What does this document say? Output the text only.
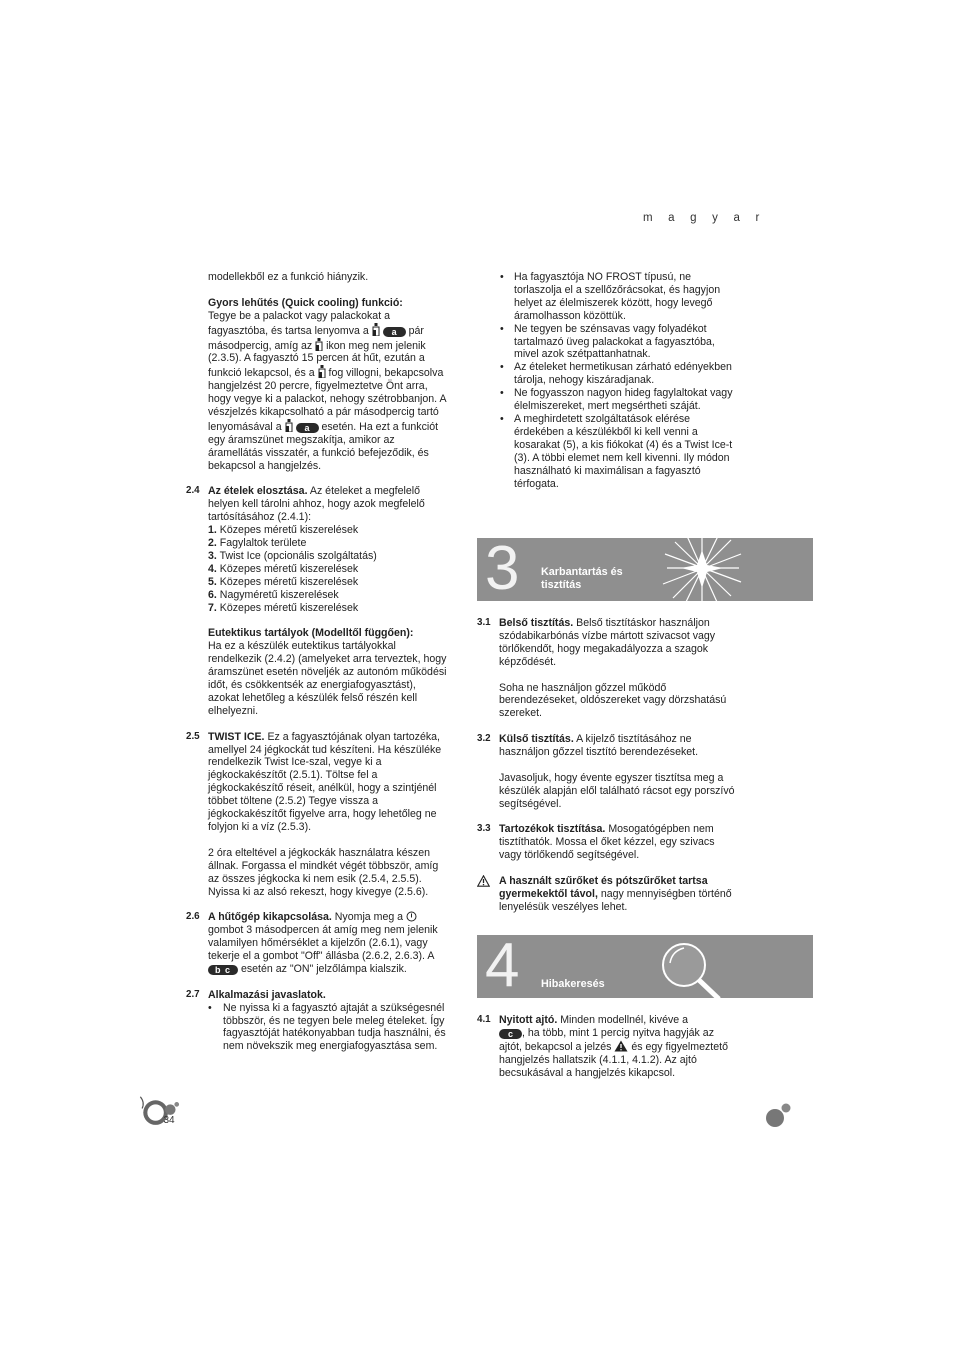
m a g y a r

modellekből ez a funkció hiányzik.

Gyors lehűtés (Quick cooling) funkció:
Tegye be a palackot vagy palackokat a fagyasztóba, és tartsa lenyomva a	a pár másodpercig, amíg az ikon meg nem jelenik (2.3.5). A fagyasztó 15 percen át hűt, ezután a funkció lekapcsol, és a fog villogni, bekapcsolva hangjelzést 20 percre, figyelmeztetve Önt arra, hogy vegye ki a palackot, nehogy szétrobbanjon. A vészjelzés kikapcsolható a pár másodpercig tartó lenyomásával a	a esetén. Ha ezt a funkciót egy áramszünet megszakítja, amikor az áramellátás visszatér, a funkció befejeződik, és bekapcsol a hangjelzés.

2.4 Az ételek elosztása. Az ételeket a megfelelő helyen kell tárolni ahhoz, hogy azok megfelelő tartósításához (2.4.1):

1. Közepes méretű kiszerelések
2. Fagylaltok területe
3. Twist Ice (opcionális szolgáltatás)
4. Közepes méretű kiszerelések
5. Közepes méretű kiszerelések
6. Nagyméretű kiszerelések
7. Közepes méretű kiszerelések

Eutektikus tartályok (Modelltől függően):
Ha ez a készülék eutektikus tartályokkal rendelkezik (2.4.2) (amelyeket arra terveztek, hogy áramszünet esetén növeljék az autonóm működési időt, és csökkentsék az energiafogyasztást), azokat lehetőleg a készülék felső részén kell elhelyezni.

2.5 TWIST ICE. Ez a fagyasztójának olyan tartozéka, amellyel 24 jégkockát tud készíteni. Ha készüléke rendelkezik Twist Ice-szal, vegye ki a jégkockakészítőt (2.5.1). Töltse fel a jégkockakészítő réseit, anélkül, hogy a szintjénél többet töltene (2.5.2) Tegye vissza a jégkockakészítőt figyelve arra, hogy lehetőleg ne folyjon ki a víz (2.5.3).

2 óra elteltével a jégkockák használatra készen állnak. Forgassa el mindkét végét többször, amíg az összes jégkocka ki nem esik (2.5.4, 2.5.5). Nyissa ki az alsó rekeszt, hogy kivegye (2.5.6).

2.6 A hűtőgép kikapcsolása. Nyomja meg a  gombot 3 másodpercen át amíg meg nem jelenik valamilyen hőmérséklet a kijelzőn (2.6.1), vagy tekerje el a gombot "Off" állásba (2.6.2, 2.6.3). A b c esetén az "ON" jelzőlámpa kialszik.

2.7 Alkalmazási javaslatok.

• Ne nyissa ki a fagyasztó ajtaját a szükségesnél többször, és ne tegyen bele meleg ételeket. Így fagyasztóját hatékonyabban tudja használni, és nem növekszik meg energiafogyasztása sem.
• Ha fagyasztója NO FROST típusú, ne torlaszolja el a szellőzőrácsokat, és hagyjon helyet az élelmiszerek között, hogy levegő áramolhasson közöttük.
• Ne tegyen be szénsavas vagy folyadékot tartalmazó üveg palackokat a fagyasztóba, mivel azok szétpattanhatnak.
• Az ételeket hermetikusan zárható edényekben tárolja, nehogy kiszáradjanak.
• Ne fogyasszon nagyon hideg fagylaltokat vagy élelmiszereket, mert megsértheti száját.
• A meghirdetett szolgáltatások elérése érdekében a készülékből ki kell venni a kosarakat (5), a kis fiókokat (4) és a Twist Ice-t (3). A többi elemet nem kell kivenni. Ily módon használható ki maximálisan a fagyasztó térfogata.
3 Karbantartás és tisztítás
3.1 Belső tisztítás. Belső tisztításkor használjon szódabikarbónás vízbe mártott szivacsot vagy törlőkendőt, hogy megakadályozza a szagok képződését.

Soha ne használjon gőzzel működő berendezéseket, oldószereket vagy dörzshatású szereket.

3.2 Külső tisztítás. A kijelző tisztításához ne használjon gőzzel tisztító berendezéseket.

Javasoljuk, hogy évente egyszer tisztítsa meg a készülék alapján elől található rácsot egy porszívó segítségével.

3.3 Tartozékok tisztítása. Mosogatógépben nem tisztíthatók. Mossa el őket kézzel, egy szivacs vagy törlőkendő segítségével.

A használt szűrőket és pótszűrőket tartsa gyermekektől távol, nagy mennyiségben történő lenyelésük veszélyes lehet.

4 Hibakeresés
4.1 Nyitott ajtó. Minden modellnél, kivéve a
c , ha több, mint 1 percig nyitva hagyják az ajtót, bekapcsol a jelzés és egy figyelmeztető hangjelzés hallatszik (4.1.1, 4.1.2). Az ajtó becsukásával a hangjelzés kikapcsol.

34
